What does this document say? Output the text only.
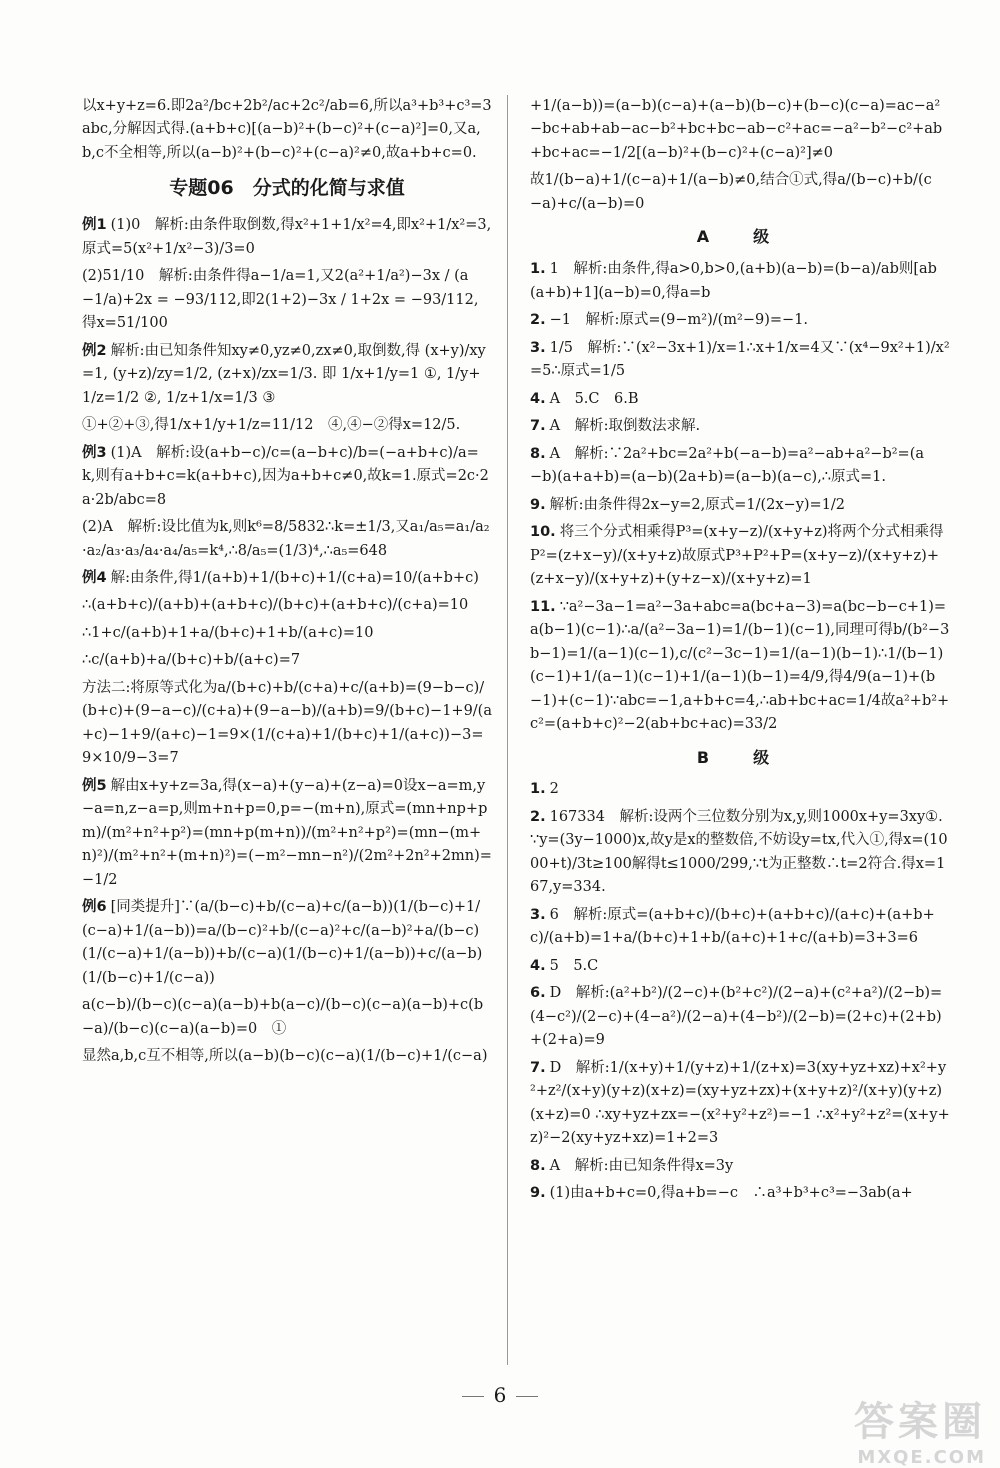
以x+y+z=6.即2a²/bc+2b²/ac+2c²/ab=6,所以a³+b³+c³=3abc,分解因式得.(a+b+c)[(a−b)²+(b−c)²+(c−a)²]=0,又a,b,c不全相等,所以(a−b)²+(b−c)²+(c−a)²≠0,故a+b+c=0.
专题06　分式的化简与求值
例1 (1)0　解析:由条件取倒数,得x²+1+1/x²=4,即x²+1/x²=3,原式=5(x²+1/x²−3)/3=0
(2)51/10　解析:由条件得a−1/a=1,又2(a²+1/a²)−3x / (a−1/a)+2x = −93/112,即2(1+2)−3x / 1+2x = −93/112,得x=51/100
例2 解析:由已知条件知xy≠0,yz≠0,zx≠0,取倒数,得 (x+y)/xy=1, (y+z)/zy=1/2, (z+x)/zx=1/3. 即 1/x+1/y=1 ①, 1/y+1/z=1/2 ②, 1/z+1/x=1/3 ③
①+②+③,得1/x+1/y+1/z=11/12　④,④−②得x=12/5.
例3 (1)A　解析:设(a+b−c)/c=(a−b+c)/b=(−a+b+c)/a=k,则有a+b+c=k(a+b+c),因为a+b+c≠0,故k=1.原式=2c·2a·2b/abc=8
(2)A　解析:设比值为k,则k⁶=8/5832∴k=±1/3,又a₁/a₅=a₁/a₂·a₂/a₃·a₃/a₄·a₄/a₅=k⁴,∴8/a₅=(1/3)⁴,∴a₅=648
例4 解:由条件,得1/(a+b)+1/(b+c)+1/(c+a)=10/(a+b+c)
∴(a+b+c)/(a+b)+(a+b+c)/(b+c)+(a+b+c)/(c+a)=10
∴1+c/(a+b)+1+a/(b+c)+1+b/(a+c)=10
∴c/(a+b)+a/(b+c)+b/(a+c)=7
方法二:将原等式化为a/(b+c)+b/(c+a)+c/(a+b)=(9−b−c)/(b+c)+(9−a−c)/(c+a)+(9−a−b)/(a+b)=9/(b+c)−1+9/(a+c)−1+9/(a+c)−1=9×(1/(c+a)+1/(b+c)+1/(a+c))−3=9×10/9−3=7
例5 解由x+y+z=3a,得(x−a)+(y−a)+(z−a)=0设x−a=m,y−a=n,z−a=p,则m+n+p=0,p=−(m+n),原式=(mn+np+pm)/(m²+n²+p²)=(mn+p(m+n))/(m²+n²+p²)=(mn−(m+n)²)/(m²+n²+(m+n)²)=(−m²−mn−n²)/(2m²+2n²+2mn)=−1/2
例6 [同类提升]∵(a/(b−c)+b/(c−a)+c/(a−b))(1/(b−c)+1/(c−a)+1/(a−b))=a/(b−c)²+b/(c−a)²+c/(a−b)²+a/(b−c)(1/(c−a)+1/(a−b))+b/(c−a)(1/(b−c)+1/(a−b))+c/(a−b)(1/(b−c)+1/(c−a))
a(c−b)/(b−c)(c−a)(a−b)+b(a−c)/(b−c)(c−a)(a−b)+c(b−a)/(b−c)(c−a)(a−b)=0　①
显然a,b,c互不相等,所以(a−b)(b−c)(c−a)(1/(b−c)+1/(c−a)
+1/(a−b))=(a−b)(c−a)+(a−b)(b−c)+(b−c)(c−a)=ac−a²−bc+ab+ab−ac−b²+bc+bc−ab−c²+ac=−a²−b²−c²+ab+bc+ac=−1/2[(a−b)²+(b−c)²+(c−a)²]≠0
故1/(b−a)+1/(c−a)+1/(a−b)≠0,结合①式,得a/(b−c)+b/(c−a)+c/(a−b)=0
A　级
1. 1　解析:由条件,得a>0,b>0,(a+b)(a−b)=(b−a)/ab则[ab(a+b)+1](a−b)=0,得a=b
2. −1　解析:原式=(9−m²)/(m²−9)=−1.
3. 1/5　解析:∵(x²−3x+1)/x=1∴x+1/x=4又∵(x⁴−9x²+1)/x²=5∴原式=1/5
4. A　5.C　6.B
7. A　解析:取倒数法求解.
8. A　解析:∵2a²+bc=2a²+b(−a−b)=a²−ab+a²−b²=(a−b)(a+a+b)=(a−b)(2a+b)=(a−b)(a−c),∴原式=1.
9. 解析:由条件得2x−y=2,原式=1/(2x−y)=1/2
10. 将三个分式相乘得P³=(x+y−z)/(x+y+z)将两个分式相乘得P²=(z+x−y)/(x+y+z)故原式P³+P²+P=(x+y−z)/(x+y+z)+(z+x−y)/(x+y+z)+(y+z−x)/(x+y+z)=1
11. ∵a²−3a−1=a²−3a+abc=a(bc+a−3)=a(bc−b−c+1)=a(b−1)(c−1)∴a/(a²−3a−1)=1/(b−1)(c−1),同理可得b/(b²−3b−1)=1/(a−1)(c−1),c/(c²−3c−1)=1/(a−1)(b−1)∴1/(b−1)(c−1)+1/(a−1)(c−1)+1/(a−1)(b−1)=4/9,得4/9(a−1)+(b−1)+(c−1)∵abc=−1,a+b+c=4,∴ab+bc+ac=1/4故a²+b²+c²=(a+b+c)²−2(ab+bc+ac)=33/2
B　级
1. 2
2. 167334　解析:设两个三位数分别为x,y,则1000x+y=3xy①.∵y=(3y−1000)x,故y是x的整数倍,不妨设y=tx,代入①,得x=(1000+t)/3t≥100解得t≤1000/299,∵t为正整数∴t=2符合.得x=167,y=334.
3. 6　解析:原式=(a+b+c)/(b+c)+(a+b+c)/(a+c)+(a+b+c)/(a+b)=1+a/(b+c)+1+b/(a+c)+1+c/(a+b)=3+3=6
4. 5　5.C
6. D　解析:(a²+b²)/(2−c)+(b²+c²)/(2−a)+(c²+a²)/(2−b)=(4−c²)/(2−c)+(4−a²)/(2−a)+(4−b²)/(2−b)=(2+c)+(2+b)+(2+a)=9
7. D　解析:1/(x+y)+1/(y+z)+1/(z+x)=3(xy+yz+xz)+x²+y²+z²/(x+y)(y+z)(x+z)=(xy+yz+zx)+(x+y+z)²/(x+y)(y+z)(x+z)=0 ∴xy+yz+zx=−(x²+y²+z²)=−1 ∴x²+y²+z²=(x+y+z)²−2(xy+yz+xz)=1+2=3
8. A　解析:由已知条件得x=3y
9. (1)由a+b+c=0,得a+b=−c　∴a³+b³+c³=−3ab(a+
6
答案圈
MXQE.COM
